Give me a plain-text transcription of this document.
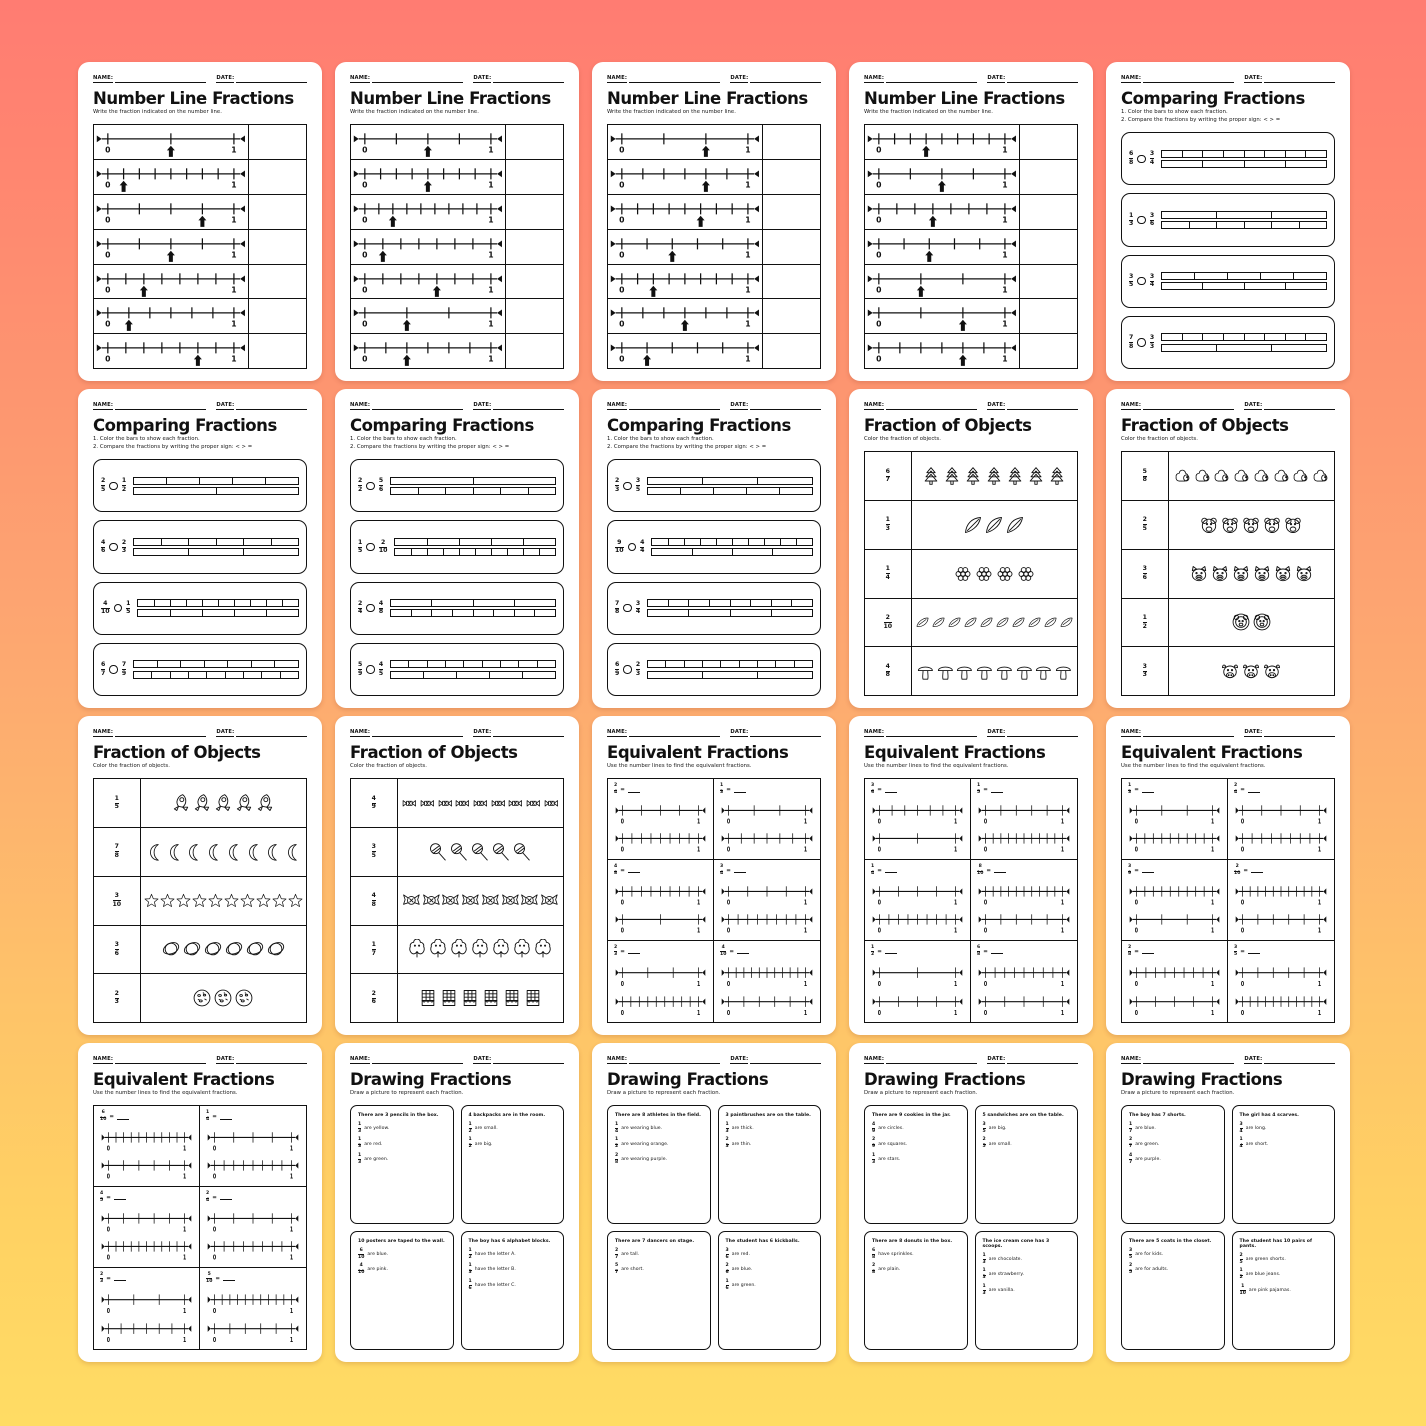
NAME:	DATE:
Number Line Fractions

Write the fraction indicated on the number line.

0	1
0	1
0	1
0	1
0	1
0	1
0	1
NAME:	DATE:
Number Line Fractions

Write the fraction indicated on the number line.

0	1
0	1
0	1
0	1
0	1
0	1
0	1
NAME:	DATE:
Number Line Fractions

Write the fraction indicated on the number line.

0	1
0	1
0	1
0	1
0	1
0	1
0	1
NAME:	DATE:
Number Line Fractions

Write the fraction indicated on the number line.

0	1
0	1
0	1
0	1
0	1
0	1
0	1
NAME:	DATE:
Comparing Fractions

1. Color the bars to show each fraction.
2. Compare the fractions by writing the proper sign: < > =

$\frac{6}{8}$	$\frac{3}{4}$
$\frac{1}{3}$	$\frac{3}{6}$
$\frac{3}{5}$	$\frac{3}{4}$
$\frac{7}{8}$	$\frac{3}{3}$
NAME:	DATE:
Comparing Fractions

1. Color the bars to show each fraction.
2. Compare the fractions by writing the proper sign: < > =

$\frac{2}{5}$	$\frac{1}{2}$
$\frac{4}{6}$	$\frac{2}{3}$
$\frac{4}{10}$	$\frac{1}{5}$
$\frac{6}{7}$	$\frac{7}{9}$
NAME:	DATE:
Comparing Fractions

1. Color the bars to show each fraction.
2. Compare the fractions by writing the proper sign: < > =

$\frac{2}{2}$	$\frac{5}{6}$
$\frac{1}{5}$	$\frac{2}{10}$
$\frac{2}{4}$	$\frac{4}{8}$
$\frac{5}{9}$	$\frac{4}{5}$
NAME:	DATE:
Comparing Fractions

1. Color the bars to show each fraction.
2. Compare the fractions by writing the proper sign: < > =

$\frac{2}{3}$	$\frac{3}{5}$
$\frac{9}{10}$	$\frac{4}{4}$
$\frac{7}{8}$	$\frac{3}{4}$
$\frac{6}{9}$	$\frac{2}{3}$
NAME:	DATE:
Fraction of Objects

Color the fraction of objects.

$\frac{6}{7}$
$\frac{1}{3}$
$\frac{1}{4}$
$\frac{2}{10}$
$\frac{4}{8}$
NAME:	DATE:
Fraction of Objects

Color the fraction of objects.

$\frac{5}{8}$
$\frac{2}{5}$
$\frac{3}{6}$
$\frac{1}{2}$
$\frac{3}{3}$
NAME:	DATE:
Fraction of Objects

Color the fraction of objects.

$\frac{1}{5}$
$\frac{7}{8}$
$\frac{3}{10}$
$\frac{3}{6}$
$\frac{2}{3}$
NAME:	DATE:
Fraction of Objects

Color the fraction of objects.

$\frac{4}{9}$
$\frac{3}{5}$
$\frac{4}{8}$
$\frac{1}{7}$
$\frac{2}{6}$
NAME:	DATE:
Equivalent Fractions

Use the number lines to find the equivalent fractions.

$\frac{2}{4}$ =
0	1
0	1
$\frac{1}{3}$ =
0	1
0	1
$\frac{4}{8}$ =
0	1
0	1
$\frac{3}{4}$ =
0	1
0	1
$\frac{2}{3}$ =
0	1
0	1
$\frac{4}{10}$ =
0	1
0	1
NAME:	DATE:
Equivalent Fractions

Use the number lines to find the equivalent fractions.

$\frac{3}{6}$ =
0	1
0	1
$\frac{1}{5}$ =
0	1
0	1
$\frac{1}{4}$ =
0	1
0	1
$\frac{8}{10}$ =
0	1
0	1
$\frac{1}{2}$ =
0	1
0	1
$\frac{6}{8}$ =
0	1
0	1
NAME:	DATE:
Equivalent Fractions

Use the number lines to find the equivalent fractions.

$\frac{1}{3}$ =
0	1
0	1
$\frac{2}{4}$ =
0	1
0	1
$\frac{3}{9}$ =
0	1
0	1
$\frac{2}{10}$ =
0	1
0	1
$\frac{2}{8}$ =
0	1
0	1
$\frac{3}{5}$ =
0	1
0	1
NAME:	DATE:
Equivalent Fractions

Use the number lines to find the equivalent fractions.

$\frac{6}{10}$ =
0	1
0	1
$\frac{1}{4}$ =
0	1
0	1
$\frac{4}{5}$ =
0	1
0	1
$\frac{2}{4}$ =
0	1
0	1
$\frac{2}{3}$ =
0	1
0	1
$\frac{5}{10}$ =
0	1
0	1
NAME:	DATE:
Drawing Fractions

Draw a picture to represent each fraction.

There are 3 pencils in the box.
$\frac{1}{3}$ are yellow.
$\frac{1}{3}$ are red.
$\frac{1}{3}$ are green.
4 backpacks are in the room.
$\frac{1}{2}$ are small.
$\frac{1}{2}$ are big.
10 posters are taped to the wall.
$\frac{6}{10}$ are blue.
$\frac{4}{10}$ are pink.
The boy has 6 alphabet blocks.
$\frac{1}{2}$ have the letter A.
$\frac{1}{3}$ have the letter B.
$\frac{1}{6}$ have the letter C.
NAME:	DATE:
Drawing Fractions

Draw a picture to represent each fraction.

There are 8 athletes in the field.
$\frac{1}{4}$ are wearing blue.
$\frac{1}{2}$ are wearing orange.
$\frac{2}{8}$ are wearing purple.
3 paintbrushes are on the table.
$\frac{1}{3}$ are thick.
$\frac{2}{3}$ are thin.
There are 7 dancers on stage.
$\frac{2}{7}$ are tall.
$\frac{5}{7}$ are short.
The student has 6 kickballs.
$\frac{3}{6}$ are red.
$\frac{2}{6}$ are blue.
$\frac{1}{6}$ are green.
NAME:	DATE:
Drawing Fractions

Draw a picture to represent each fraction.

There are 9 cookies in the jar.
$\frac{4}{9}$ are circles.
$\frac{2}{9}$ are squares.
$\frac{1}{3}$ are stars.
5 sandwiches are on the table.
$\frac{3}{5}$ are big.
$\frac{2}{5}$ are small.
There are 8 donuts in the box.
$\frac{6}{8}$ have sprinkles.
$\frac{2}{8}$ are plain.
The ice cream cone has 3 scoops.
$\frac{1}{3}$ are chocolate.
$\frac{1}{3}$ are strawberry.
$\frac{1}{3}$ are vanilla.
NAME:	DATE:
Drawing Fractions

Draw a picture to represent each fraction.

The boy has 7 shorts.
$\frac{1}{7}$ are blue.
$\frac{2}{7}$ are green.
$\frac{4}{7}$ are purple.
The girl has 4 scarves.
$\frac{3}{4}$ are long.
$\frac{1}{4}$ are short.
There are 5 coats in the closet.
$\frac{3}{5}$ are for kids.
$\frac{2}{5}$ are for adults.
The student has 10 pairs of pants.
$\frac{2}{5}$ are green shorts.
$\frac{1}{2}$ are blue jeans.
$\frac{1}{10}$ are pink pajamas.
